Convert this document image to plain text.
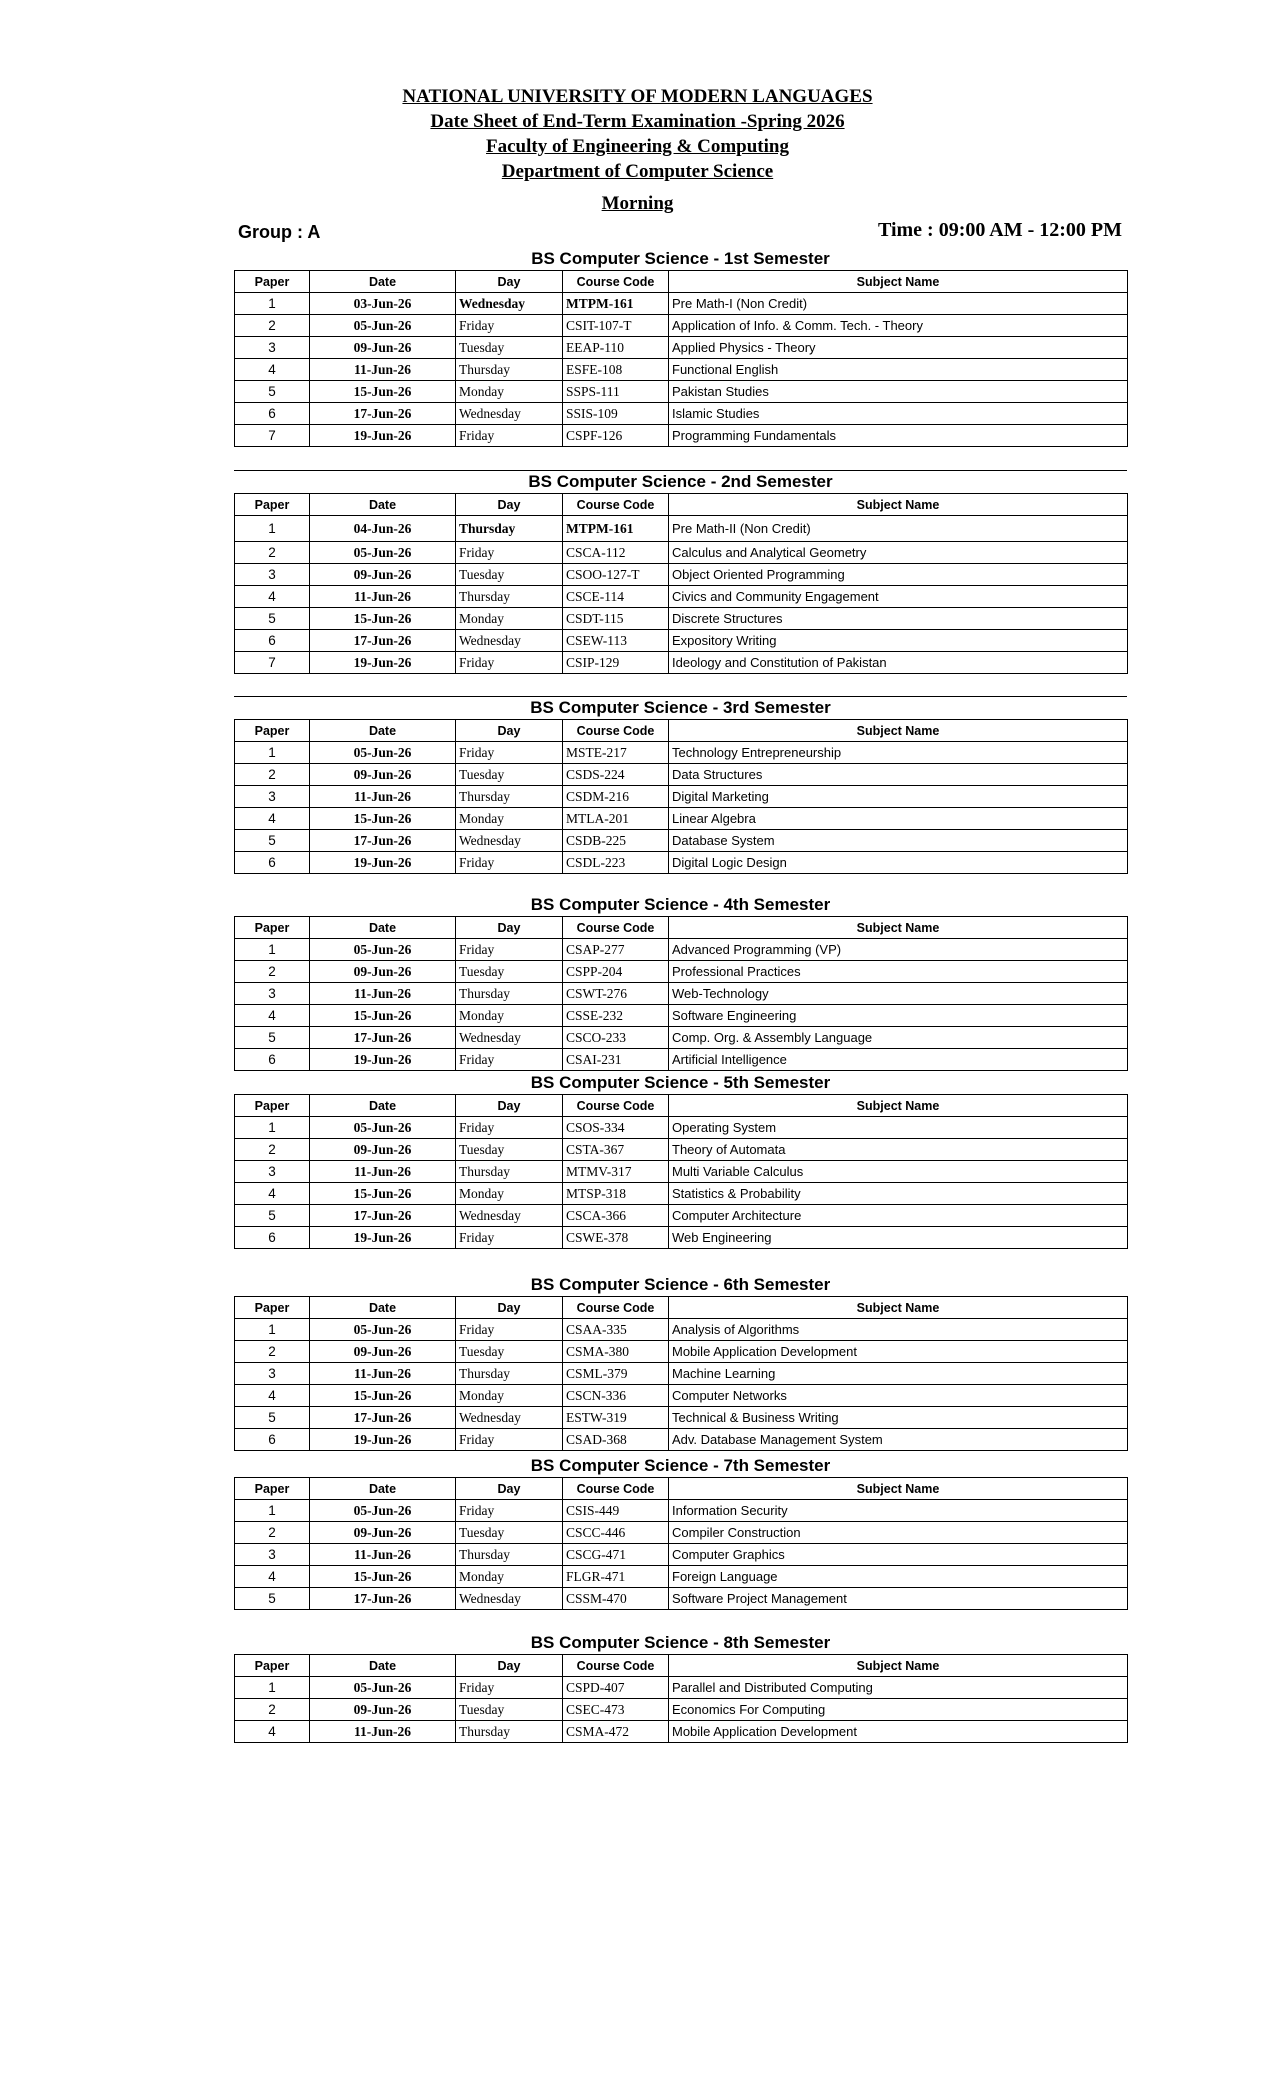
NATIONAL UNIVERSITY OF MODERN LANGUAGES
Date Sheet of End-Term Examination -Spring 2026
Faculty of Engineering & Computing
Department of Computer Science
Morning
Group : A	Time : 09:00 AM - 12:00 PM
BS Computer Science - 1st Semester
Paper	Date	Day	Course Code	Subject Name
1	03-Jun-26	Wednesday	MTPM-161	Pre Math-I (Non Credit)
2	05-Jun-26	Friday	CSIT-107-T	Application of Info. & Comm. Tech. - Theory
3	09-Jun-26	Tuesday	EEAP-110	Applied Physics - Theory
4	11-Jun-26	Thursday	ESFE-108	Functional English
5	15-Jun-26	Monday	SSPS-111	Pakistan Studies
6	17-Jun-26	Wednesday	SSIS-109	Islamic Studies
7	19-Jun-26	Friday	CSPF-126	Programming Fundamentals
BS Computer Science - 2nd Semester
Paper	Date	Day	Course Code	Subject Name
1	04-Jun-26	Thursday	MTPM-161	Pre Math-II (Non Credit)
2	05-Jun-26	Friday	CSCA-112	Calculus and Analytical Geometry
3	09-Jun-26	Tuesday	CSOO-127-T	Object Oriented Programming
4	11-Jun-26	Thursday	CSCE-114	Civics and Community Engagement
5	15-Jun-26	Monday	CSDT-115	Discrete Structures
6	17-Jun-26	Wednesday	CSEW-113	Expository Writing
7	19-Jun-26	Friday	CSIP-129	Ideology and Constitution of Pakistan
BS Computer Science - 3rd Semester
Paper	Date	Day	Course Code	Subject Name
1	05-Jun-26	Friday	MSTE-217	Technology Entrepreneurship
2	09-Jun-26	Tuesday	CSDS-224	Data Structures
3	11-Jun-26	Thursday	CSDM-216	Digital Marketing
4	15-Jun-26	Monday	MTLA-201	Linear Algebra
5	17-Jun-26	Wednesday	CSDB-225	Database System
6	19-Jun-26	Friday	CSDL-223	Digital Logic Design
BS Computer Science - 4th Semester
Paper	Date	Day	Course Code	Subject Name
1	05-Jun-26	Friday	CSAP-277	Advanced Programming (VP)
2	09-Jun-26	Tuesday	CSPP-204	Professional Practices
3	11-Jun-26	Thursday	CSWT-276	Web-Technology
4	15-Jun-26	Monday	CSSE-232	Software Engineering
5	17-Jun-26	Wednesday	CSCO-233	Comp. Org. & Assembly Language
6	19-Jun-26	Friday	CSAI-231	Artificial Intelligence
BS Computer Science - 5th Semester
Paper	Date	Day	Course Code	Subject Name
1	05-Jun-26	Friday	CSOS-334	Operating System
2	09-Jun-26	Tuesday	CSTA-367	Theory of Automata
3	11-Jun-26	Thursday	MTMV-317	Multi Variable Calculus
4	15-Jun-26	Monday	MTSP-318	Statistics & Probability
5	17-Jun-26	Wednesday	CSCA-366	Computer Architecture
6	19-Jun-26	Friday	CSWE-378	Web Engineering
BS Computer Science - 6th Semester
Paper	Date	Day	Course Code	Subject Name
1	05-Jun-26	Friday	CSAA-335	Analysis of Algorithms
2	09-Jun-26	Tuesday	CSMA-380	Mobile Application Development
3	11-Jun-26	Thursday	CSML-379	Machine Learning
4	15-Jun-26	Monday	CSCN-336	Computer Networks
5	17-Jun-26	Wednesday	ESTW-319	Technical & Business Writing
6	19-Jun-26	Friday	CSAD-368	Adv. Database Management System
BS Computer Science - 7th Semester
Paper	Date	Day	Course Code	Subject Name
1	05-Jun-26	Friday	CSIS-449	Information Security
2	09-Jun-26	Tuesday	CSCC-446	Compiler Construction
3	11-Jun-26	Thursday	CSCG-471	Computer Graphics
4	15-Jun-26	Monday	FLGR-471	Foreign Language
5	17-Jun-26	Wednesday	CSSM-470	Software Project Management
BS Computer Science - 8th Semester
Paper	Date	Day	Course Code	Subject Name
1	05-Jun-26	Friday	CSPD-407	Parallel and Distributed Computing
2	09-Jun-26	Tuesday	CSEC-473	Economics For Computing
4	11-Jun-26	Thursday	CSMA-472	Mobile Application Development
